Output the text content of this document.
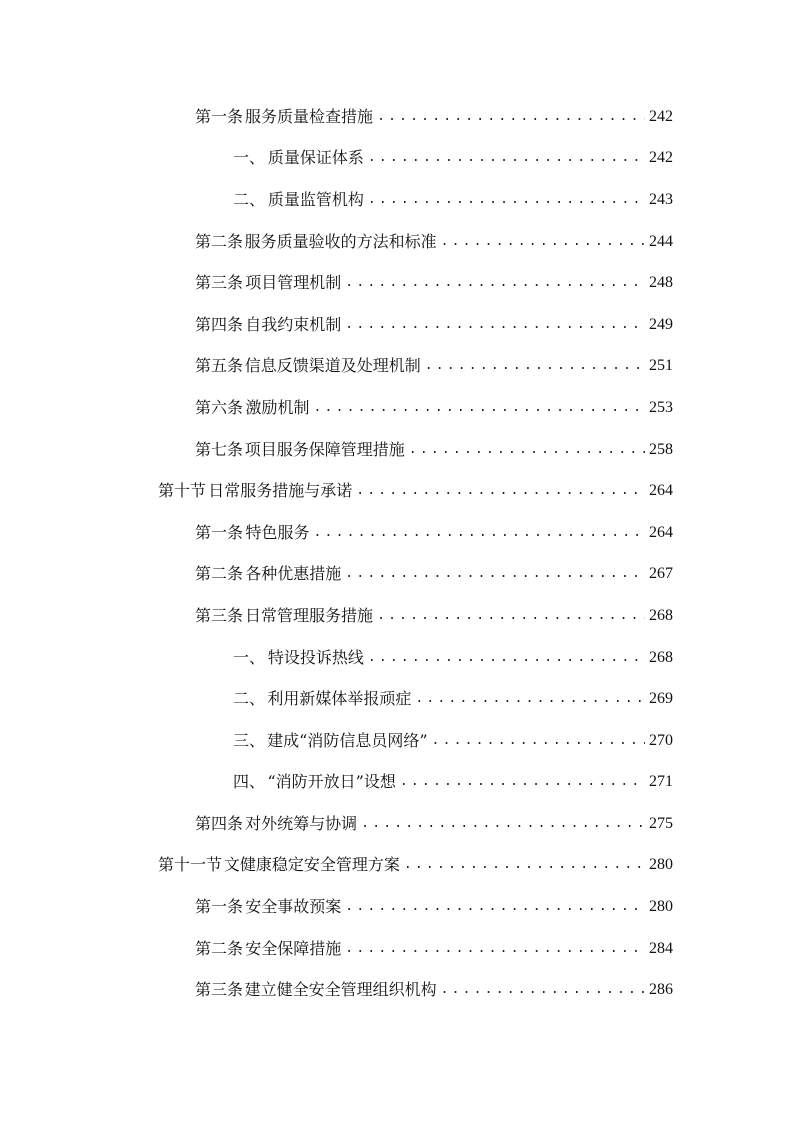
第一条 服务质量检查措施 .....	242
一、 质量保证体系 .....	242
二、 质量监管机构 .....	243
第二条 服务质量验收的方法和标准 .....	244
第三条 项目管理机制 .....	248
第四条 自我约束机制 .....	249
第五条 信息反馈渠道及处理机制 .....	251
第六条 激励机制 .....	253
第七条 项目服务保障管理措施 .....	258
第十节 日常服务措施与承诺 .....	264
第一条 特色服务 .....	264
第二条 各种优惠措施 .....	267
第三条 日常管理服务措施 .....	268
一、 特设投诉热线 .....	268
二、 利用新媒体举报顽症 .....	269
三、 建成“消防信息员网络” .....	270
四、 “消防开放日”设想 .....	271
第四条 对外统筹与协调 .....	275
第十一节 文健康稳定安全管理方案 .....	280
第一条 安全事故预案 .....	280
第二条 安全保障措施 .....	284
第三条 建立健全安全管理组织机构 .....	286
